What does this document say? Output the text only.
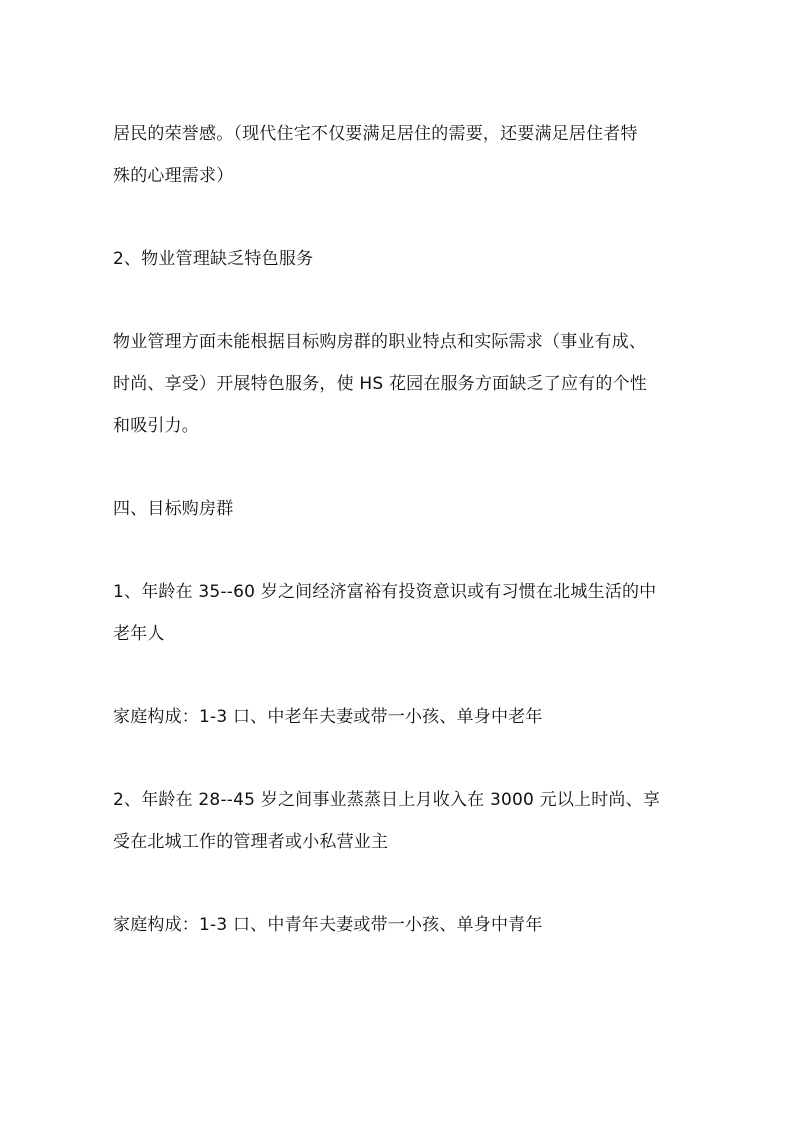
居民的荣誉感。（现代住宅不仅要满足居住的需要，还要满足居住者特
殊的心理需求）
2、物业管理缺乏特色服务
物业管理方面未能根据目标购房群的职业特点和实际需求（事业有成、
时尚、享受）开展特色服务，使 HS 花园在服务方面缺乏了应有的个性
和吸引力。
四、目标购房群
1、年龄在 35--60 岁之间经济富裕有投资意识或有习惯在北城生活的中
老年人
家庭构成：1-3 口、中老年夫妻或带一小孩、单身中老年
2、年龄在 28--45 岁之间事业蒸蒸日上月收入在 3000 元以上时尚、享
受在北城工作的管理者或小私营业主
家庭构成：1-3 口、中青年夫妻或带一小孩、单身中青年
